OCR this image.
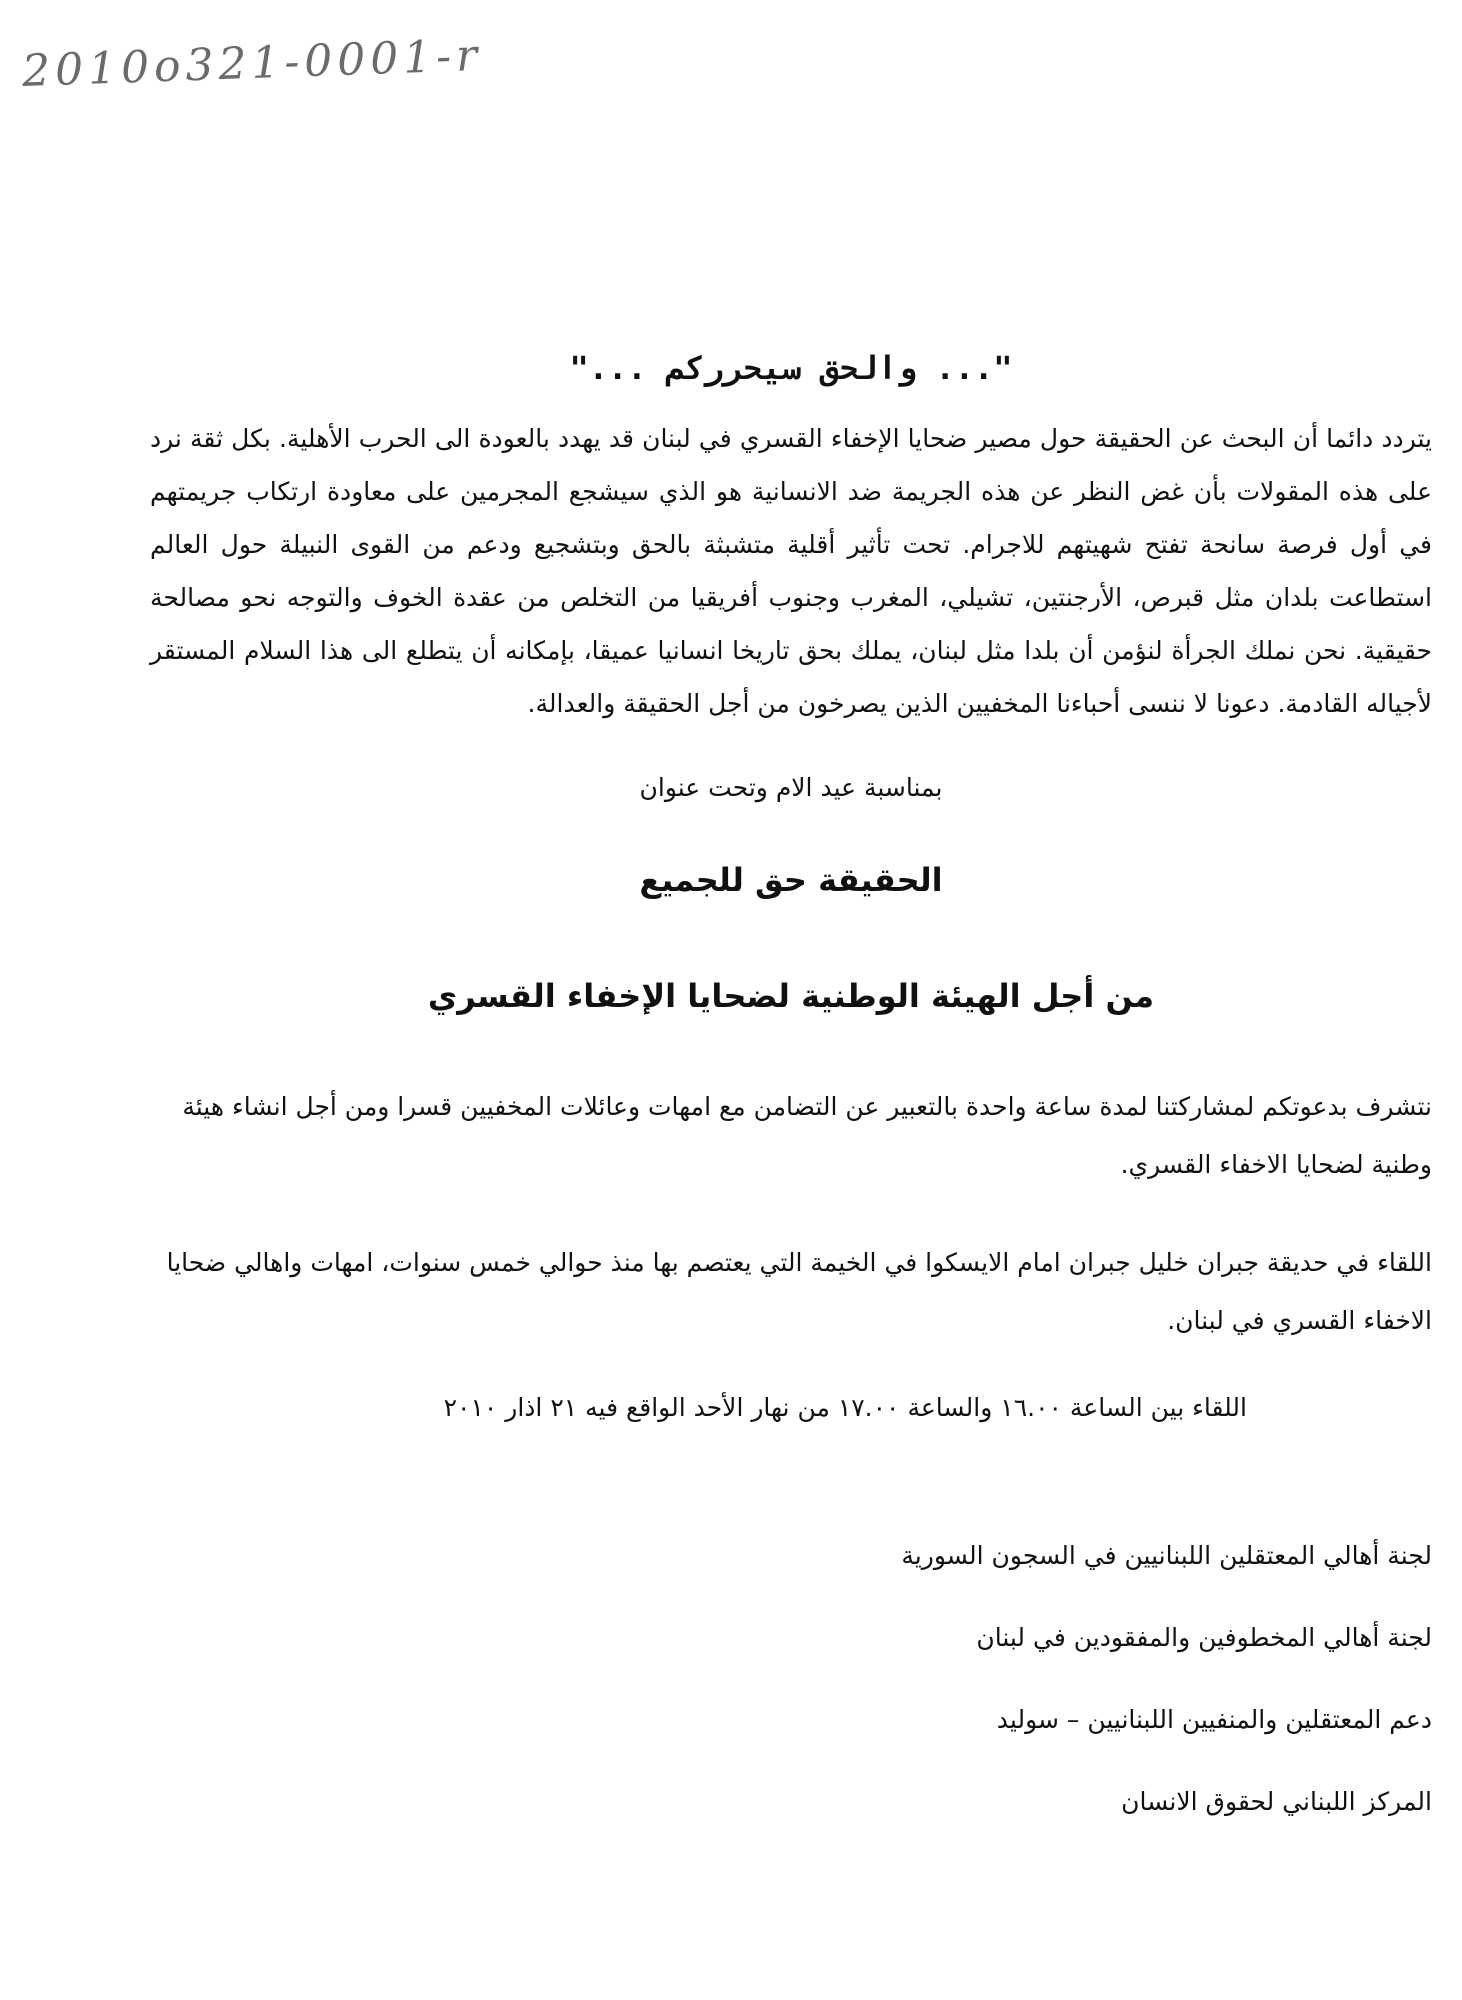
2010o321-0001-r
"... والحق سيحرركم ..."

يتردد دائما أن البحث عن الحقيقة حول مصير ضحايا الإخفاء القسري في لبنان قد يهدد بالعودة الى الحرب الأهلية. بكل ثقة نرد على هذه المقولات بأن غض النظر عن هذه الجريمة ضد الانسانية هو الذي سيشجع المجرمين على معاودة ارتكاب جريمتهم في أول فرصة سانحة تفتح شهيتهم للاجرام. تحت تأثير أقلية متشبثة بالحق وبتشجيع ودعم من القوى النبيلة حول العالم استطاعت بلدان مثل قبرص، الأرجنتين، تشيلي، المغرب وجنوب أفريقيا من التخلص من عقدة الخوف والتوجه نحو مصالحة حقيقية. نحن نملك الجرأة لنؤمن أن بلدا مثل لبنان، يملك بحق تاريخا انسانيا عميقا، بإمكانه أن يتطلع الى هذا السلام المستقر لأجياله القادمة. دعونا لا ننسى أحباءنا المخفيين الذين يصرخون من أجل الحقيقة والعدالة.

بمناسبة عيد الام وتحت عنوان

الحقيقة حق للجميع
من أجل الهيئة الوطنية لضحايا الإخفاء القسري

نتشرف بدعوتكم لمشاركتنا لمدة ساعة واحدة بالتعبير عن التضامن مع امهات وعائلات المخفيين قسرا ومن أجل انشاء هيئة وطنية لضحايا الاخفاء القسري.

اللقاء في حديقة جبران خليل جبران امام الايسكوا في الخيمة التي يعتصم بها منذ حوالي خمس سنوات، امهات واهالي ضحايا الاخفاء القسري في لبنان.

اللقاء بين الساعة ١٦.٠٠ والساعة ١٧.٠٠ من نهار الأحد الواقع فيه ٢١ اذار ٢٠١٠

لجنة أهالي المعتقلين اللبنانيين في السجون السورية
لجنة أهالي المخطوفين والمفقودين في لبنان
دعم المعتقلين والمنفيين اللبنانيين – سوليد
المركز اللبناني لحقوق الانسان
